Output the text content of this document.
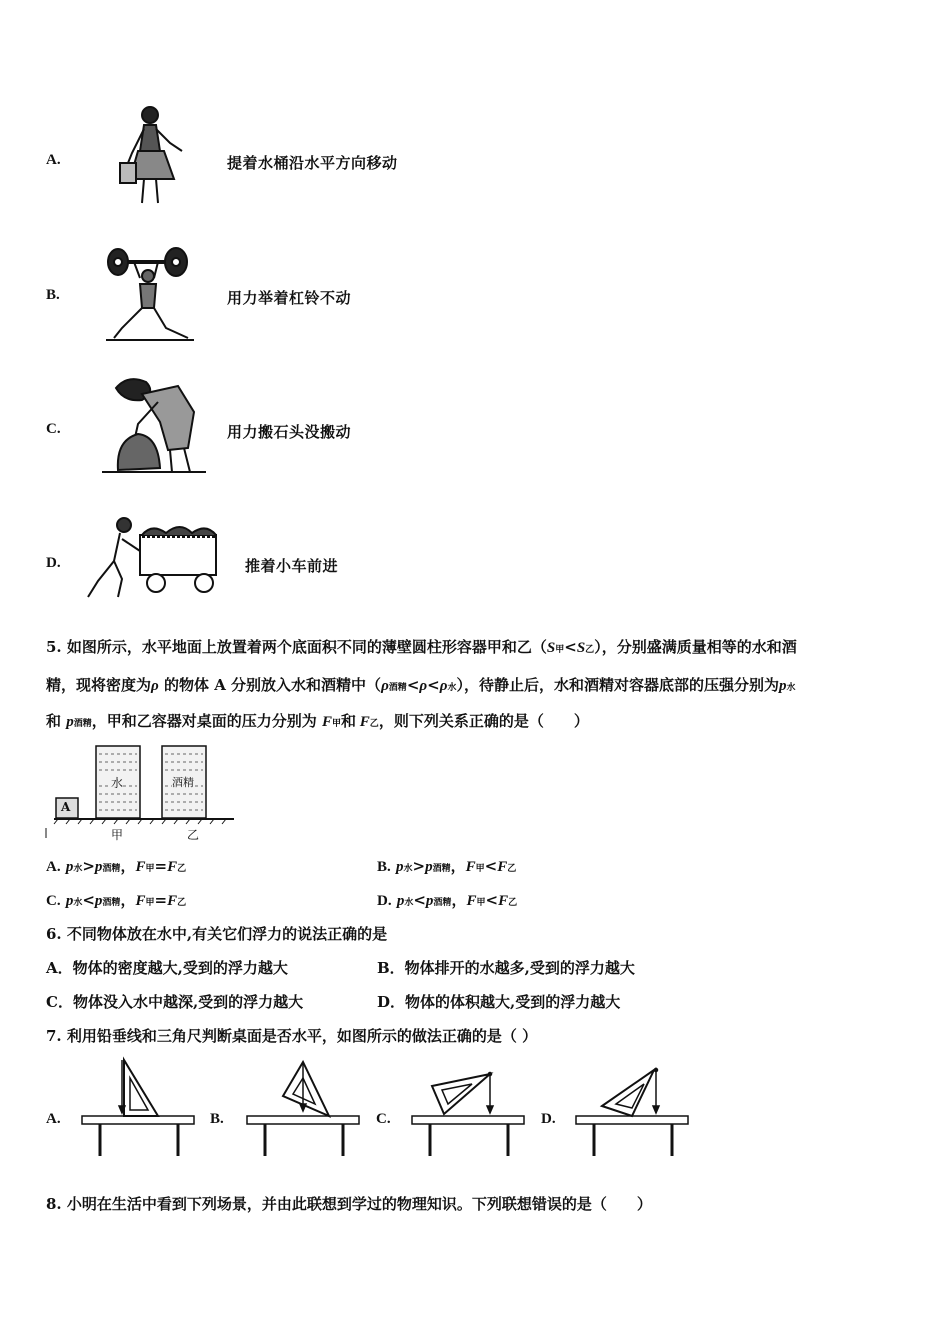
A.	提着水桶沿水平方向移动
B.	用力举着杠铃不动
C.	用力搬石头没搬动
D.	推着小车前进
5. 如图所示，水平地面上放置着两个底面积不同的薄壁圆柱形容器甲和乙（S甲<S乙），分别盛满质量相等的水和酒
精，现将密度为ρ 的物体 A 分别放入水和酒精中（ρ酒精<ρ<ρ水），待静止后，水和酒精对容器底部的压强分别为p水
和 p酒精，甲和乙容器对桌面的压力分别为 F甲和 F乙，则下列关系正确的是（　　）
A
水	酒精
甲	乙
A. p水>p酒精，F甲=F乙	B. p水>p酒精，F甲<F乙
C. p水<p酒精，F甲=F乙	D. p水<p酒精，F甲<F乙
6. 不同物体放在水中,有关它们浮力的说法正确的是
A．物体的密度越大,受到的浮力越大	B．物体排开的水越多,受到的浮力越大
C．物体没入水中越深,受到的浮力越大	D．物体的体积越大,受到的浮力越大
7. 利用铅垂线和三角尺判断桌面是否水平，如图所示的做法正确的是（ ）
A.	B.	C.	D.
8. 小明在生活中看到下列场景，并由此联想到学过的物理知识。下列联想错误的是（　　）
